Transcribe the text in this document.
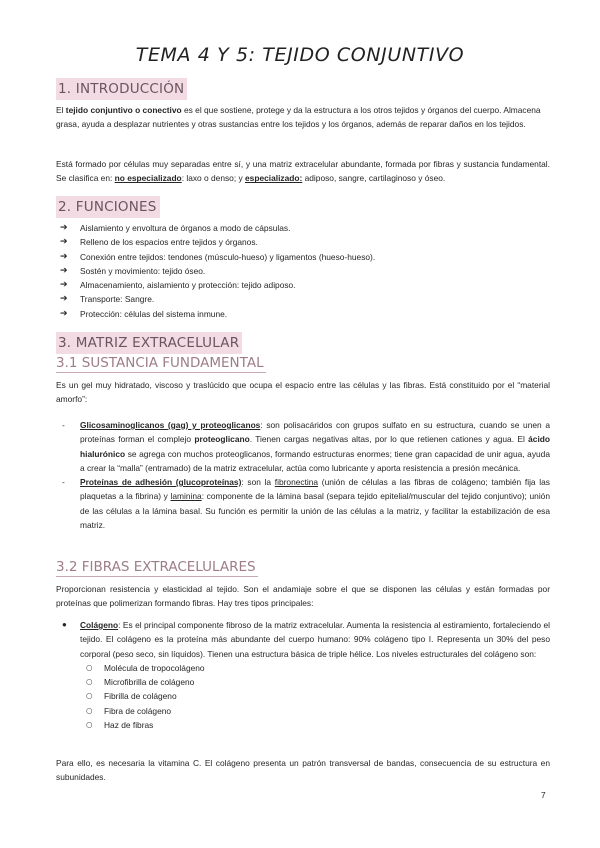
TEMA 4 Y 5: TEJIDO CONJUNTIVO
1. INTRODUCCIÓN

El tejido conjuntivo o conectivo es el que sostiene, protege y da la estructura a los otros tejidos y órganos del cuerpo. Almacena grasa, ayuda a desplazar nutrientes y otras sustancias entre los tejidos y los órganos, además de reparar daños en los tejidos.

Está formado por células muy separadas entre sí, y una matriz extracelular abundante, formada por fibras y sustancia fundamental. Se clasifica en: no especializado: laxo o denso; y especializado: adiposo, sangre, cartilaginoso y óseo.

2. FUNCIONES
➔ Aislamiento y envoltura de órganos a modo de cápsulas.
➔ Relleno de los espacios entre tejidos y órganos.
➔ Conexión entre tejidos: tendones (músculo-hueso) y ligamentos (hueso-hueso).
➔ Sostén y movimiento: tejido óseo.
➔ Almacenamiento, aislamiento y protección: tejido adiposo.
➔ Transporte: Sangre.
➔ Protección: células del sistema inmune.
3. MATRIZ EXTRACELULAR
3.1 SUSTANCIA FUNDAMENTAL

Es un gel muy hidratado, viscoso y traslúcido que ocupa el espacio entre las células y las fibras. Está constituido por el “material amorfo”:

- Glicosaminoglicanos (gag) y proteoglicanos: son polisacáridos con grupos sulfato en su estructura, cuando se unen a proteínas forman el complejo proteoglicano. Tienen cargas negativas altas, por lo que retienen cationes y agua. El ácido hialurónico se agrega con muchos proteoglicanos, formando estructuras enormes; tiene gran capacidad de unir agua, ayuda a crear la “malla” (entramado) de la matriz extracelular, actúa como lubricante y aporta resistencia a presión mecánica.
- Proteínas de adhesión (glucoproteínas): son la fibronectina (unión de células a las fibras de colágeno; también fija las plaquetas a la fibrina) y laminina: componente de la lámina basal (separa tejido epitelial/muscular del tejido conjuntivo); unión de las células a la lámina basal. Su función es permitir la unión de las células a la matriz, y facilitar la estabilización de esa matriz.
3.2 FIBRAS EXTRACELULARES

Proporcionan resistencia y elasticidad al tejido. Son el andamiaje sobre el que se disponen las células y están formadas por proteínas que polimerizan formando fibras. Hay tres tipos principales:

● Colágeno: Es el principal componente fibroso de la matriz extracelular. Aumenta la resistencia al estiramiento, fortaleciendo el tejido. El colágeno es la proteína más abundante del cuerpo humano: 90% colágeno tipo I. Representa un 30% del peso corporal (peso seco, sin líquidos). Tienen una estructura básica de triple hélice. Los niveles estructurales del colágeno son:
○ Molécula de tropocolágeno
○ Microfibrilla de colágeno
○ Fibrilla de colágeno
○ Fibra de colágeno
○ Haz de fibras

Para ello, es necesaria la vitamina C. El colágeno presenta un patrón transversal de bandas, consecuencia de su estructura en subunidades.

7
